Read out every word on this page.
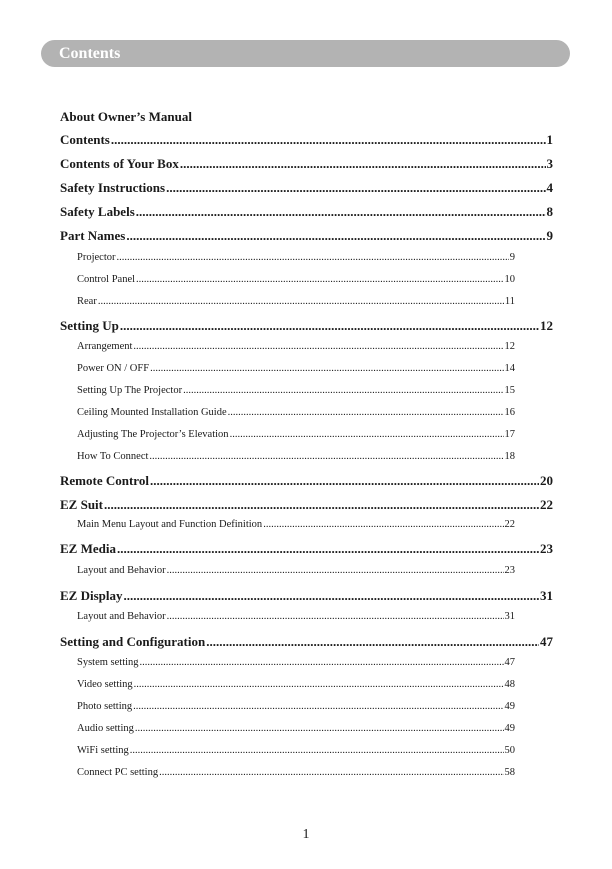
Contents
About Owner’s Manual
Contents .....	1
Contents of Your Box .....	3
Safety Instructions .....	4
Safety Labels .....	8
Part Names .....	9
Projector .....	9
Control Panel .....	10
Rear .....	11
Setting Up .....	12
Arrangement .....	12
Power ON / OFF .....	14
Setting Up The Projector .....	15
Ceiling Mounted Installation Guide .....	16
Adjusting The Projector’s Elevation .....	17
How To Connect .....	18
Remote Control .....	20
EZ Suit .....	22
Main Menu Layout and Function Definition .....	22
EZ Media .....	23
Layout and Behavior .....	23
EZ Display .....	31
Layout and Behavior .....	31
Setting and Configuration .....	47
System setting .....	47
Video setting .....	48
Photo setting .....	49
Audio setting .....	49
WiFi setting .....	50
Connect PC setting .....	58
1
